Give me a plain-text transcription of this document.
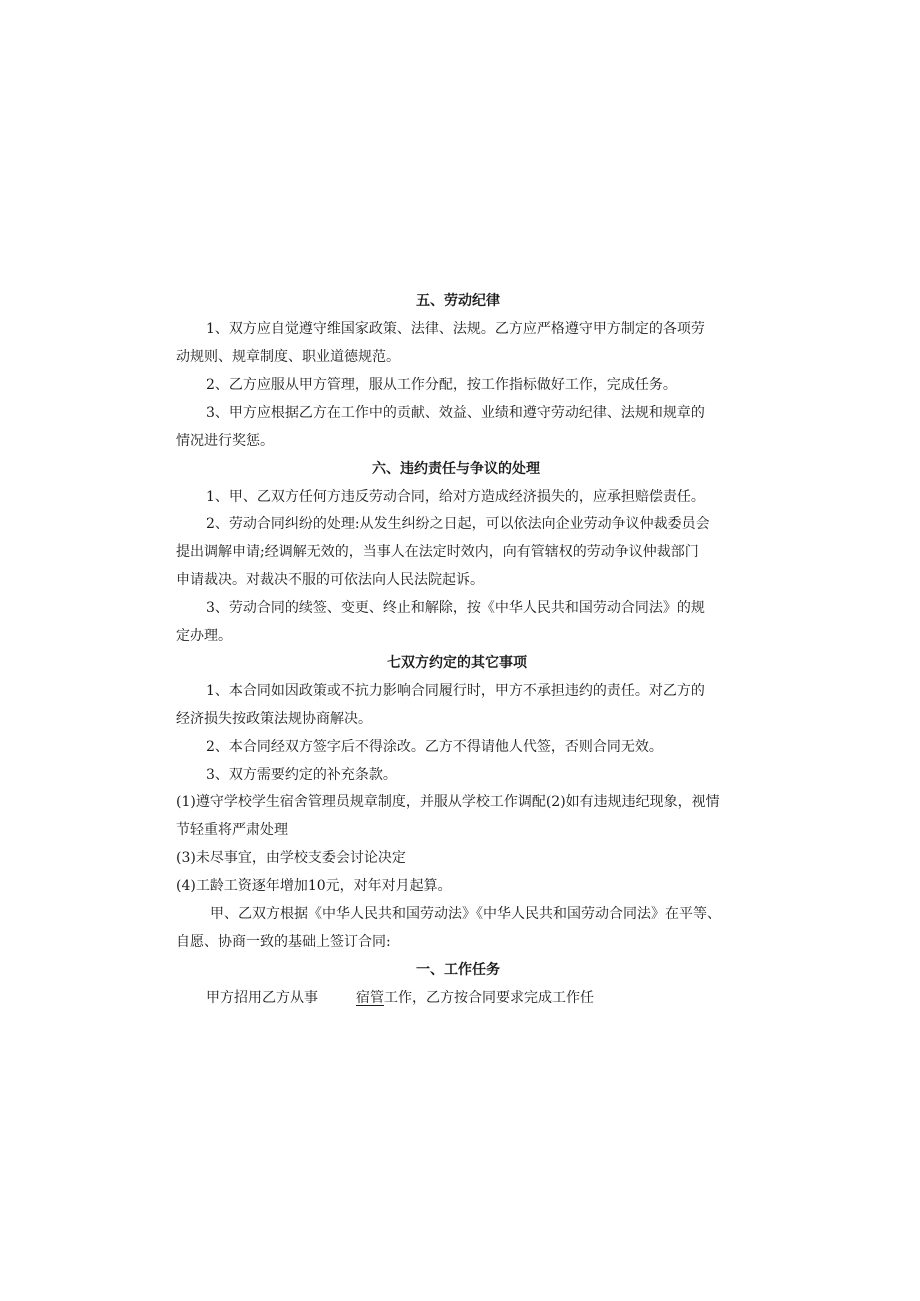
五、劳动纪律
1、双方应自觉遵守维国家政策、法律、法规。乙方应严格遵守甲方制定的各项劳
动规则、规章制度、职业道德规范。
2、乙方应服从甲方管理，服从工作分配，按工作指标做好工作，完成任务。
3、甲方应根据乙方在工作中的贡献、效益、业绩和遵守劳动纪律、法规和规章的
情况进行奖惩。
六、违约责任与争议的处理
1、甲、乙双方任何方违反劳动合同，给对方造成经济损失的，应承担赔偿责任。
2、劳动合同纠纷的处理:从发生纠纷之日起，可以依法向企业劳动争议仲裁委员会
提出调解申请;经调解无效的，当事人在法定时效内，向有管辖权的劳动争议仲裁部门
申请裁决。对裁决不服的可依法向人民法院起诉。
3、劳动合同的续签、变更、终止和解除，按《中华人民共和国劳动合同法》的规
定办理。
七双方约定的其它事项
1、本合同如因政策或不抗力影响合同履行时，甲方不承担违约的责任。对乙方的
经济损失按政策法规协商解决。
2、本合同经双方签字后不得涂改。乙方不得请他人代签，否则合同无效。
3、双方需要约定的补充条款。
(1)遵守学校学生宿舍管理员规章制度，并服从学校工作调配(2)如有违规违纪现象，视情
节轻重将严肃处理
(3)未尽事宜，由学校支委会讨论决定
(4)工龄工资逐年增加10元，对年对月起算。
甲、乙双方根据《中华人民共和国劳动法》《中华人民共和国劳动合同法》在平等、
自愿、协商一致的基础上签订合同:
一、工作任务
甲方招用乙方从事	宿管工作，乙方按合同要求完成工作任
